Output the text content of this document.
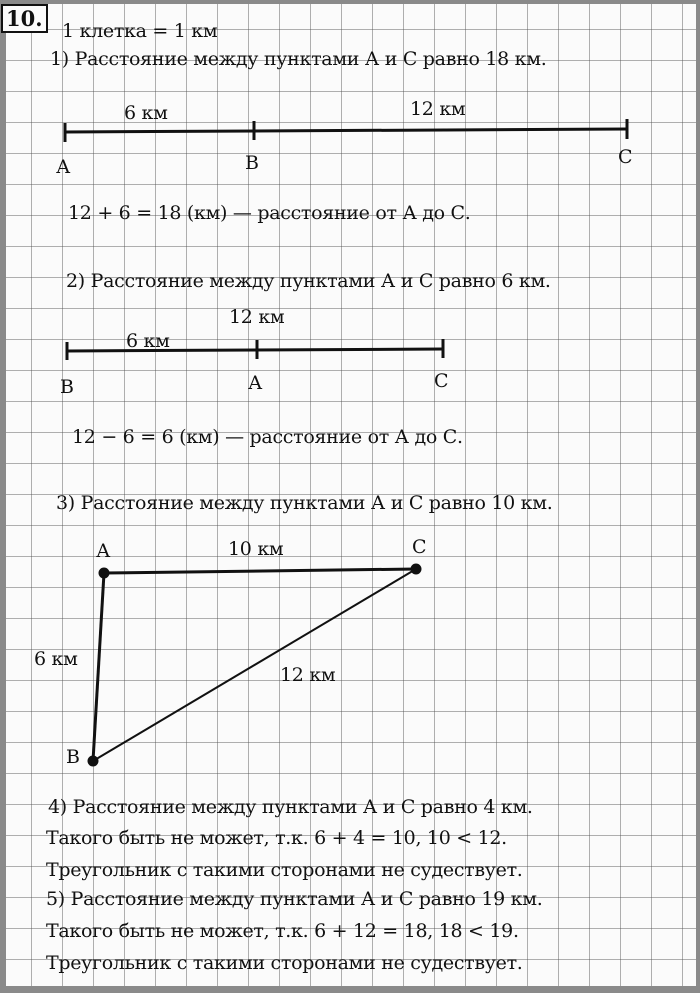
10. 1 клетка = 1 км
1) Расстояние между пунктами А и С равно 18 км.
6 км	12 км
А	В	С
12 + 6 = 18 (км) — расстояние от А до С.
2) Расстояние между пунктами А и С равно 6 км.
12 км
6 км
В	А	С
12 − 6 = 6 (км) — расстояние от А до С.
3) Расстояние между пунктами А и С равно 10 км.
А	10 км	С
6 км
12 км
В
4) Расстояние между пунктами А и С равно 4 км.
Такого быть не может, т.к. 6 + 4 = 10, 10 < 12.
Треугольник с такими сторонами не судествует.
5) Расстояние между пунктами А и С равно 19 км.
Такого быть не может, т.к. 6 + 12 = 18, 18 < 19.
Треугольник с такими сторонами не судествует.
